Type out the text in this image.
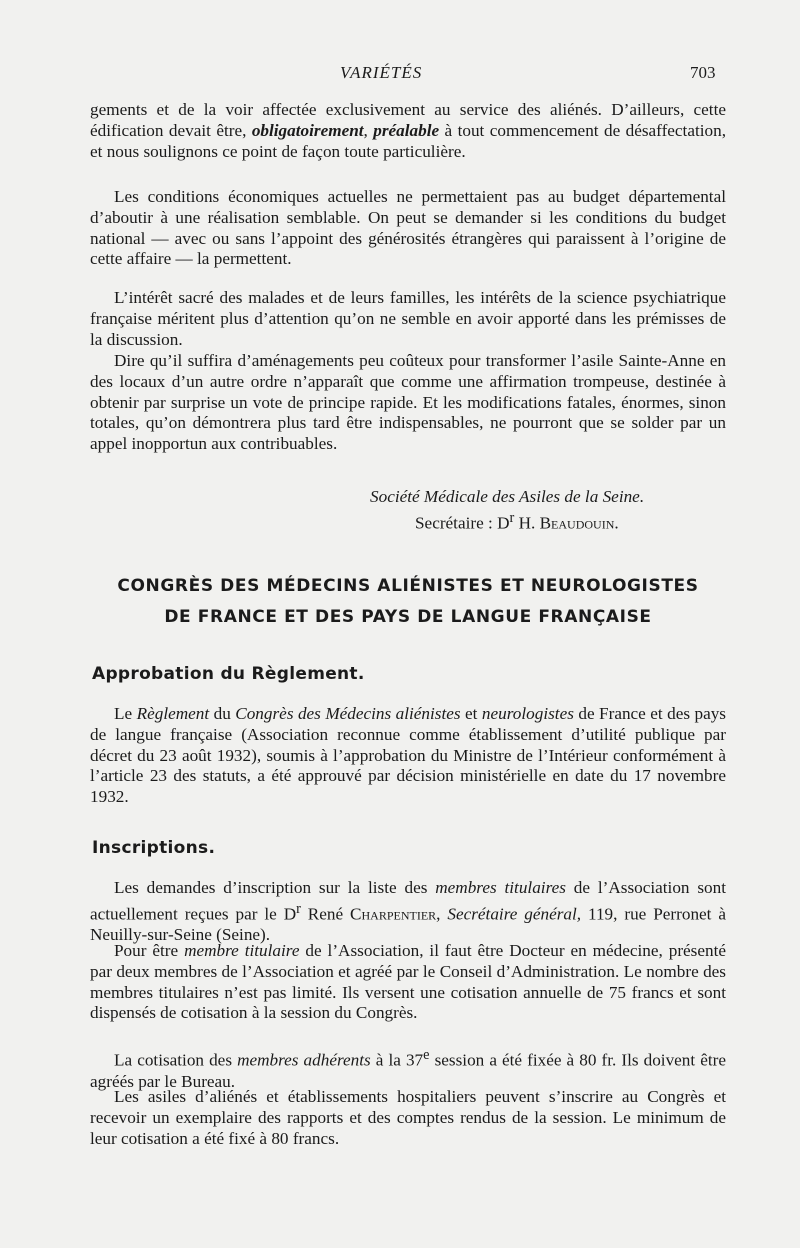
VARIÉTÉS	703

gements et de la voir affectée exclusivement au service des aliénés. D’ailleurs, cette édification devait être, obligatoirement, préalable à tout commencement de désaffectation, et nous soulignons ce point de façon toute particulière.

Les conditions économiques actuelles ne permettaient pas au budget départemental d’aboutir à une réalisation semblable. On peut se demander si les conditions du budget national — avec ou sans l’appoint des générosités étrangères qui paraissent à l’origine de cette affaire — la permettent.

L’intérêt sacré des malades et de leurs familles, les intérêts de la science psychiatrique française méritent plus d’attention qu’on ne semble en avoir apporté dans les prémisses de la discussion.

Dire qu’il suffira d’aménagements peu coûteux pour transformer l’asile Sainte-Anne en des locaux d’un autre ordre n’apparaît que comme une affirmation trompeuse, destinée à obtenir par surprise un vote de principe rapide. Et les modifications fatales, énormes, sinon totales, qu’on démontrera plus tard être indispensables, ne pourront que se solder par un appel inopportun aux contribuables.

Société Médicale des Asiles de la Seine.
Secrétaire : $D^r$ H. Beaudouin.
CONGRÈS DES MÉDECINS ALIÉNISTES ET NEUROLOGISTES
DE FRANCE ET DES PAYS DE LANGUE FRANÇAISE
Approbation du Règlement.

Le Règlement du Congrès des Médecins aliénistes et neurologistes de France et des pays de langue française (Association reconnue comme établissement d’utilité publique par décret du 23 août 1932), soumis à l’approbation du Ministre de l’Intérieur conformément à l’article 23 des statuts, a été approuvé par décision ministérielle en date du 17 novembre 1932.

Inscriptions.

Les demandes d’inscription sur la liste des membres titulaires de l’Association sont actuellement reçues par le $D^r$ René Charpentier, Secrétaire général, 119, rue Perronet à Neuilly-sur-Seine (Seine).

Pour être membre titulaire de l’Association, il faut être Docteur en médecine, présenté par deux membres de l’Association et agréé par le Conseil d’Administration. Le nombre des membres titulaires n’est pas limité. Ils versent une cotisation annuelle de 75 francs et sont dispensés de cotisation à la session du Congrès.

La cotisation des membres adhérents à la 37e session a été fixée à 80 fr. Ils doivent être agréés par le Bureau.

Les asiles d’aliénés et établissements hospitaliers peuvent s’inscrire au Congrès et recevoir un exemplaire des rapports et des comptes rendus de la session. Le minimum de leur cotisation a été fixé à 80 francs.
